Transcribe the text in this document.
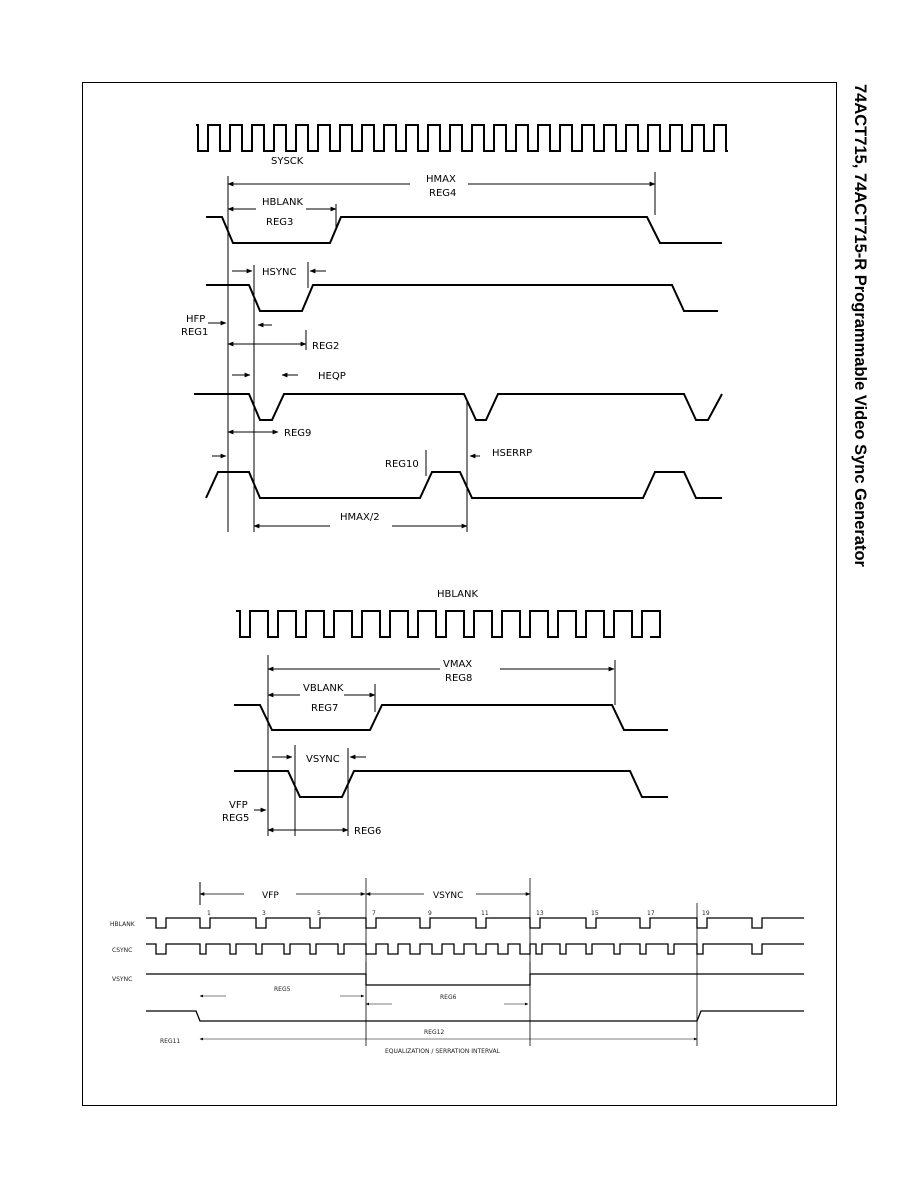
74ACT715, 74ACT715-R Programmable Video Sync Generator
SYSCK
HMAX
REG4
HBLANK
REG3
HSYNC
HFP
REG1
REG2
HEQP
REG9
REG10
HSERRP
HMAX/2
HBLANK
VMAX
REG8
VBLANK
REG7
VSYNC
VFP
REG5
REG6
VFP	VSYNC
HBLANK
CSYNC
VSYNC
REG11
REG5
REG6
REG12
EQUALIZATION / SERRATION INTERVAL
1	3	5	7	9	11	13	15	17	19
